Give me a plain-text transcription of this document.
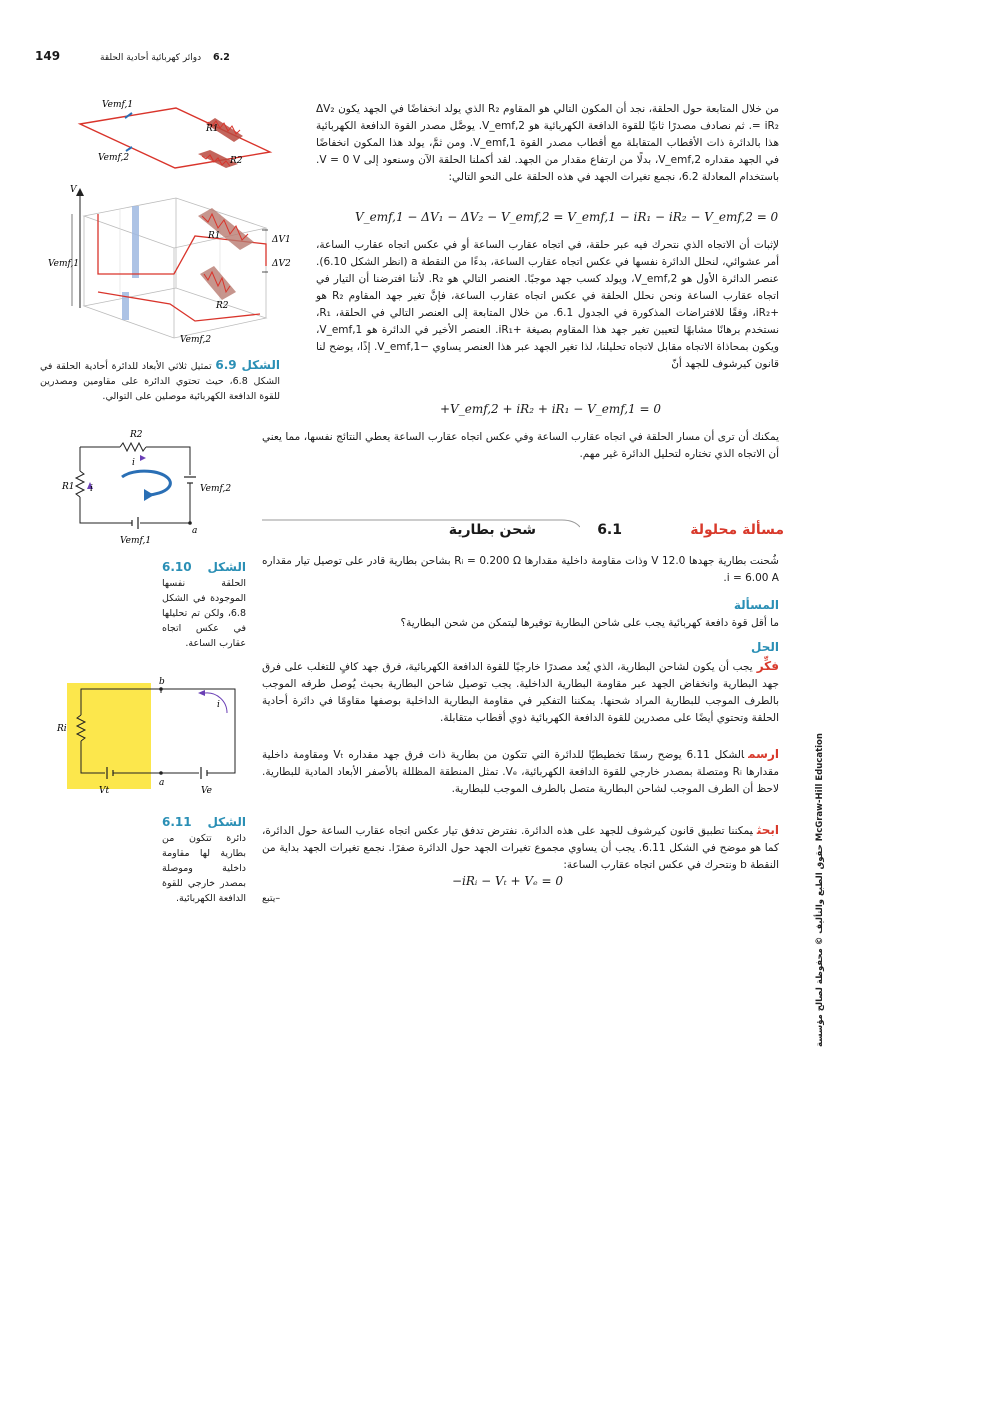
149	دوائر كهربائية أحادية الحلقة 6.2

من خلال المتابعة حول الحلقة، نجد أن المكون التالي هو المقاوم R₂ الذي يولد انخفاضًا في الجهد يكون ΔV₂ = iR₂. ثم نصادف مصدرًا ثانيًا للقوة الدافعة الكهربائية هو V_emf,2. يوصَّل مصدر القوة الدافعة الكهربائية هذا بالدائرة ذات الأقطاب المتقابلة مع أقطاب مصدر القوة V_emf,1. ومن ثمَّ، يولد هذا المكون انخفاضًا في الجهد مقداره V_emf,2، بدلًا من ارتفاع مقدار من الجهد. لقد أكملنا الحلقة الآن وسنعود إلى V = 0 V. باستخدام المعادلة 6.2، نجمع تغيرات الجهد في هذه الحلقة على النحو التالي:

V_emf,1 − ΔV₁ − ΔV₂ − V_emf,2 = V_emf,1 − iR₁ − iR₂ − V_emf,2 = 0

لإثبات أن الاتجاه الذي نتحرك فيه عبر حلقة، في اتجاه عقارب الساعة أو في عكس اتجاه عقارب الساعة، أمر عشوائي، لنحلل الدائرة نفسها في عكس اتجاه عقارب الساعة، بدءًا من النقطة a (انظر الشكل 6.10). عنصر الدائرة الأول هو V_emf,2، ويولد كسب جهد موجبًا. العنصر التالي هو R₂. لأننا افترضنا أن التيار في اتجاه عقارب الساعة ونحن نحلل الحلقة في عكس اتجاه عقارب الساعة، فإنَّ تغير جهد المقاوم R₂ هو +iR₂، وفقًا للافتراضات المذكورة في الجدول 6.1. من خلال المتابعة إلى العنصر التالي في الحلقة، R₁، نستخدم برهانًا مشابهًا لتعيين تغير جهد هذا المقاوم بصيغة +iR₁. العنصر الأخير في الدائرة هو V_emf,1، ويكون بمحاذاة الاتجاه مقابل لاتجاه تحليلنا، لذا تغير الجهد عبر هذا العنصر يساوي −V_emf,1. إذًا، يوضح لنا قانون كيرشوف للجهد أنّ

+V_emf,2 + iR₂ + iR₁ − V_emf,1 = 0

يمكنك أن ترى أن مسار الحلقة في اتجاه عقارب الساعة وفي عكس اتجاه عقارب الساعة يعطي النتائج نفسها، مما يعني أن الاتجاه الذي تختاره لتحليل الدائرة غير مهم.

شحن بطارية	6.1	مسألة محلولة

شُحنت بطارية جهدها 12.0 V وذات مقاومة داخلية مقدارها Rᵢ = 0.200 Ω بشاحن بطارية قادر على توصيل تيار مقداره i = 6.00 A.

المسألة

ما أقل قوة دافعة كهربائية يجب على شاحن البطارية توفيرها ليتمكن من شحن البطارية؟

الحل

فكِّريجب أن يكون لشاحن البطارية، الذي يُعد مصدرًا خارجيًا للقوة الدافعة الكهربائية، فرق جهد كافٍ للتغلب على فرق جهد البطارية وانخفاض الجهد عبر مقاومة البطارية الداخلية. يجب توصيل شاحن البطارية بحيث يُوصل طرفه الموجب بالطرف الموجب للبطارية المراد شحنها. يمكننا التفكير في مقاومة البطارية الداخلية بوصفها مقاومًا في دائرة أحادية الحلقة وتحتوي أيضًا على مصدرين للقوة الدافعة الكهربائية ذوي أقطاب متقابلة.

ارسمالشكل 6.11 يوضح رسمًا تخطيطيًا للدائرة التي تتكون من بطارية ذات فرق جهد مقداره Vₜ ومقاومة داخلية مقدارها Rᵢ ومتصلة بمصدر خارجي للقوة الدافعة الكهربائية، Vₑ. تمثل المنطقة المظللة بالأصفر الأبعاد المادية للبطارية. لاحظ أن الطرف الموجب لشاحن البطارية متصل بالطرف الموجب للبطارية.

ابحثيمكننا تطبيق قانون كيرشوف للجهد على هذه الدائرة. نفترض تدفق تيار عكس اتجاه عقارب الساعة حول الدائرة، كما هو موضح في الشكل 6.11. يجب أن يساوي مجموع تغيرات الجهد حول الدائرة صفرًا. نجمع تغيرات الجهد بداية من النقطة b ونتحرك في عكس اتجاه عقارب الساعة:

−iRᵢ − Vₜ + Vₑ = 0
–يتبع	حقوق الطبع والتأليف © محفوظة لصالح مؤسسة McGraw-Hill Education
Vemf,1
R1
Vemf,2	R2
V
R1	ΔV1
ΔV2
Vemf,1
R2
Vemf,2
الشكل 6.9 تمثيل ثلاثي الأبعاد للدائرة أحادية الحلقة في الشكل 6.8، حيث تحتوي الدائرة على مقاومين ومصدرين للقوة الدافعة الكهربائية موصلين على التوالي.
R2
i
R1 i	Vemf,2
Vemf,1
a
الشكل 6.10 الحلقة نفسها الموجودة في الشكل 6.8، ولكن تم تحليلها في عكس اتجاه عقارب الساعة.
b
i
Ri
Vt
a
Ve
الشكل 6.11 دائرة تتكون من بطارية لها مقاومة داخلية وموصلة بمصدر خارجي للقوة الدافعة الكهربائية.
